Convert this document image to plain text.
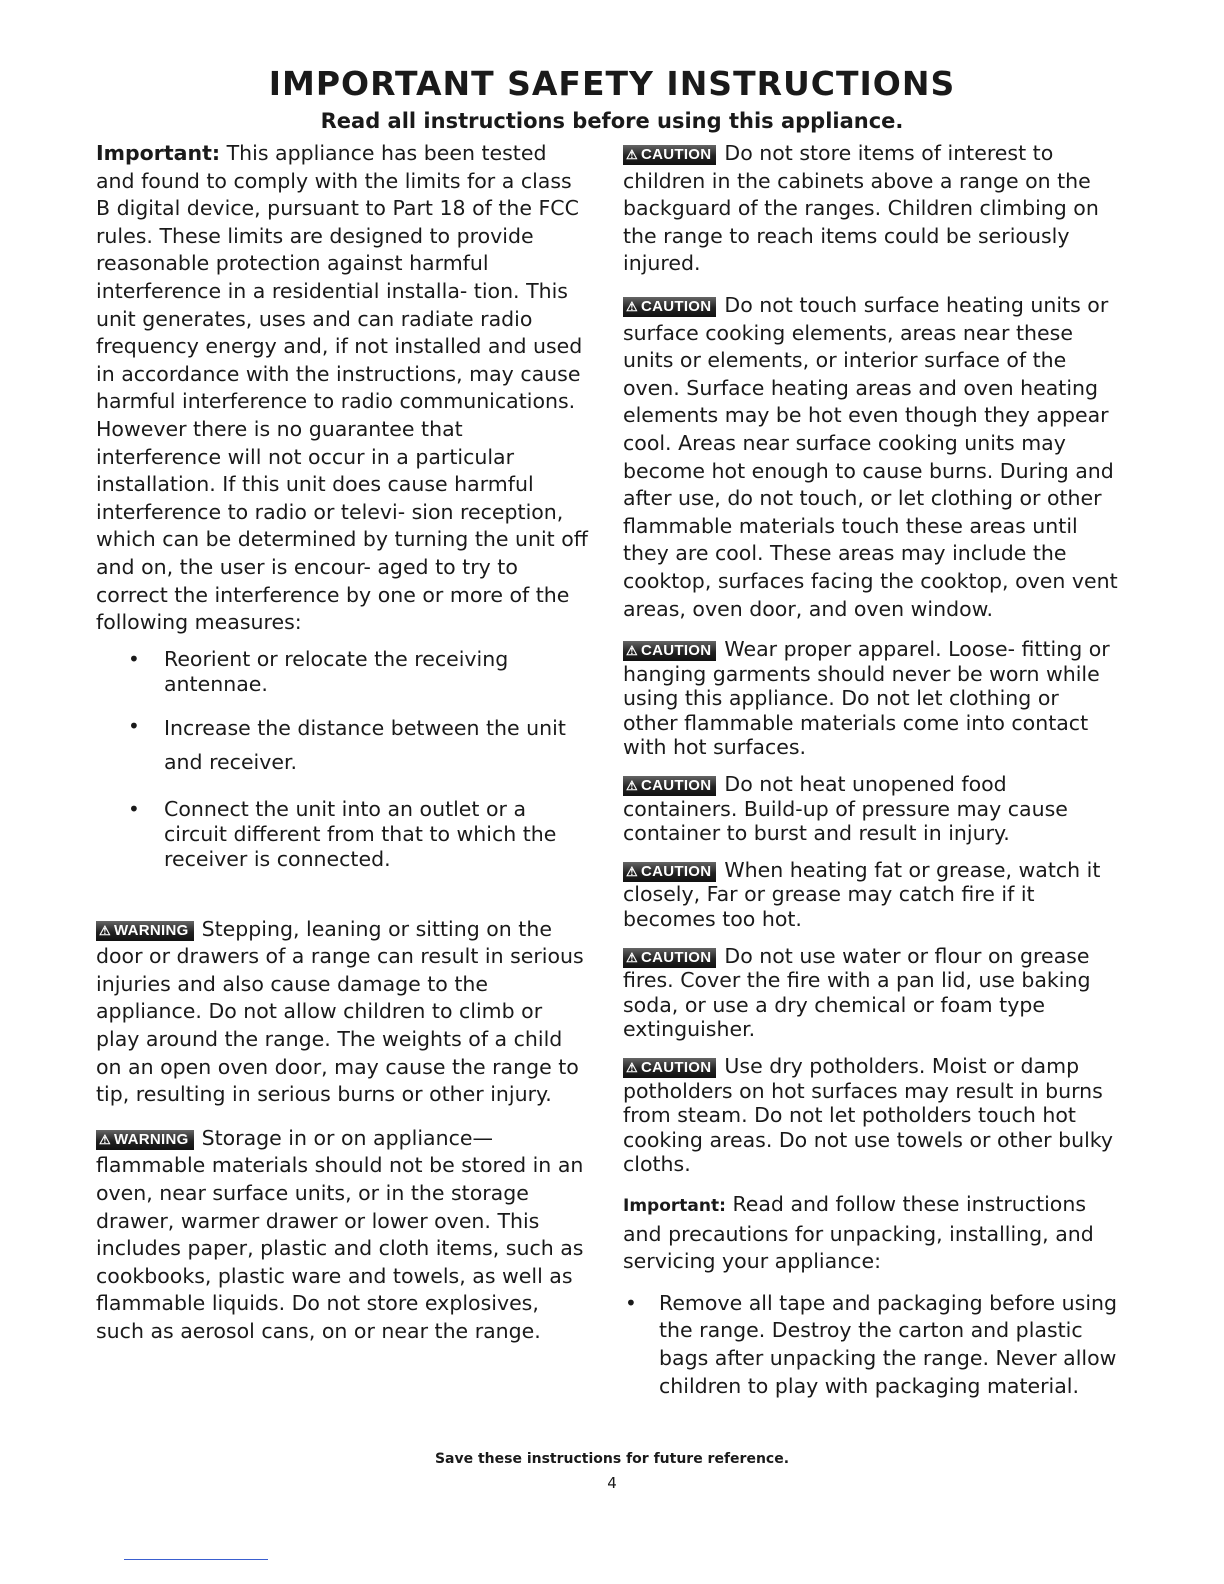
IMPORTANT SAFETY INSTRUCTIONS
Read all instructions before using this appliance.

Important: This appliance has been tested and found to comply with the limits for a class B digital device, pursuant to Part 18 of the FCC rules. These limits are designed to provide reasonable protection against harmful interference in a residential installa- tion. This unit generates, uses and can radiate radio frequency energy and, if not installed and used in accordance with the instructions, may cause harmful interference to radio communications. However there is no guarantee that interference will not occur in a particular installation. If this unit does cause harmful interference to radio or televi- sion reception, which can be determined by turning the unit off and on, the user is encour- aged to try to correct the interference by one or more of the following measures:

• Reorient or relocate the receiving antennae.
• Increase the distance between the unit and receiver.
• Connect the unit into an outlet or a circuit different from that to which the receiver is connected.

⚠ WARNING Stepping, leaning or sitting on the door or drawers of a range can result in serious injuries and also cause damage to the appliance. Do not allow children to climb or play around the range. The weights of a child on an open oven door, may cause the range to tip, resulting in serious burns or other injury.

⚠ WARNING Storage in or on appliance— flammable materials should not be stored in an oven, near surface units, or in the storage drawer, warmer drawer or lower oven. This includes paper, plastic and cloth items, such as cookbooks, plastic ware and towels, as well as flammable liquids. Do not store explosives, such as aerosol cans, on or near the range.

⚠ CAUTION Do not store items of interest to children in the cabinets above a range on the backguard of the ranges. Children climbing on the range to reach items could be seriously injured.

⚠ CAUTION Do not touch surface heating units or surface cooking elements, areas near these units or elements, or interior surface of the oven. Surface heating areas and oven heating elements may be hot even though they appear cool. Areas near surface cooking units may become hot enough to cause burns. During and after use, do not touch, or let clothing or other flammable materials touch these areas until they are cool. These areas may include the cooktop, surfaces facing the cooktop, oven vent areas, oven door, and oven window.

⚠ CAUTION Wear proper apparel. Loose- fitting or hanging garments should never be worn while using this appliance. Do not let clothing or other flammable materials come into contact with hot surfaces.

⚠ CAUTION Do not heat unopened food containers. Build-up of pressure may cause container to burst and result in injury.

⚠ CAUTION When heating fat or grease, watch it closely, Far or grease may catch fire if it becomes too hot.

⚠ CAUTION Do not use water or flour on grease fires. Cover the fire with a pan lid, use baking soda, or use a dry chemical or foam type extinguisher.

⚠ CAUTION Use dry potholders. Moist or damp potholders on hot surfaces may result in burns from steam. Do not let potholders touch hot cooking areas. Do not use towels or other bulky cloths.

Important: Read and follow these instructions and precautions for unpacking, installing, and servicing your appliance:

• Remove all tape and packaging before using the range. Destroy the carton and plastic bags after unpacking the range. Never allow children to play with packaging material.

Save these instructions for future reference.

4
